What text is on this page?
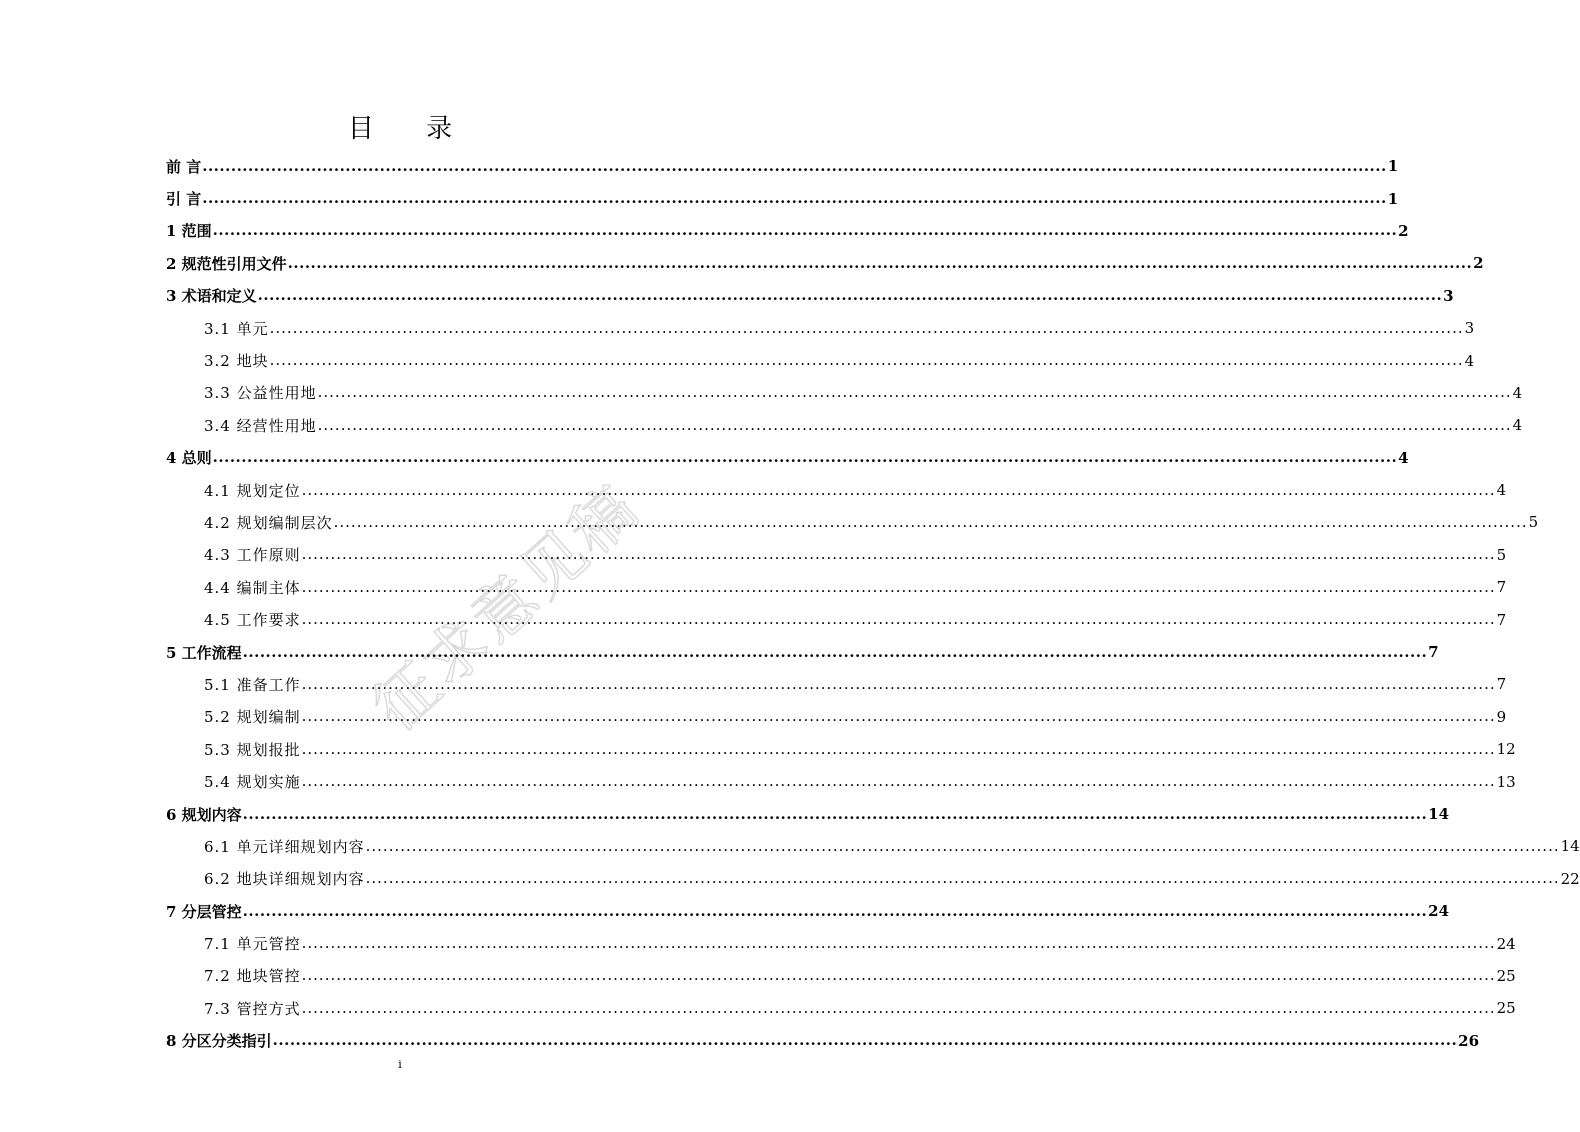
征求意见稿
目 录
前 言 .....	1
引 言 .....	1
1 范围 .....	2
2 规范性引用文件 .....	2
3 术语和定义 .....	3
3.1 单元 .....	3
3.2 地块 .....	4
3.3 公益性用地 .....	4
3.4 经营性用地 .....	4
4 总则 .....	4
4.1 规划定位 .....	4
4.2 规划编制层次 .....	5
4.3 工作原则 .....	5
4.4 编制主体 .....	7
4.5 工作要求 .....	7
5 工作流程 .....	7
5.1 准备工作 .....	7
5.2 规划编制 .....	9
5.3 规划报批 .....	12
5.4 规划实施 .....	13
6 规划内容 .....	14
6.1 单元详细规划内容 .....	14
6.2 地块详细规划内容 .....	22
7 分层管控 .....	24
7.1 单元管控 .....	24
7.2 地块管控 .....	25
7.3 管控方式 .....	25
8 分区分类指引 .....	26
i
